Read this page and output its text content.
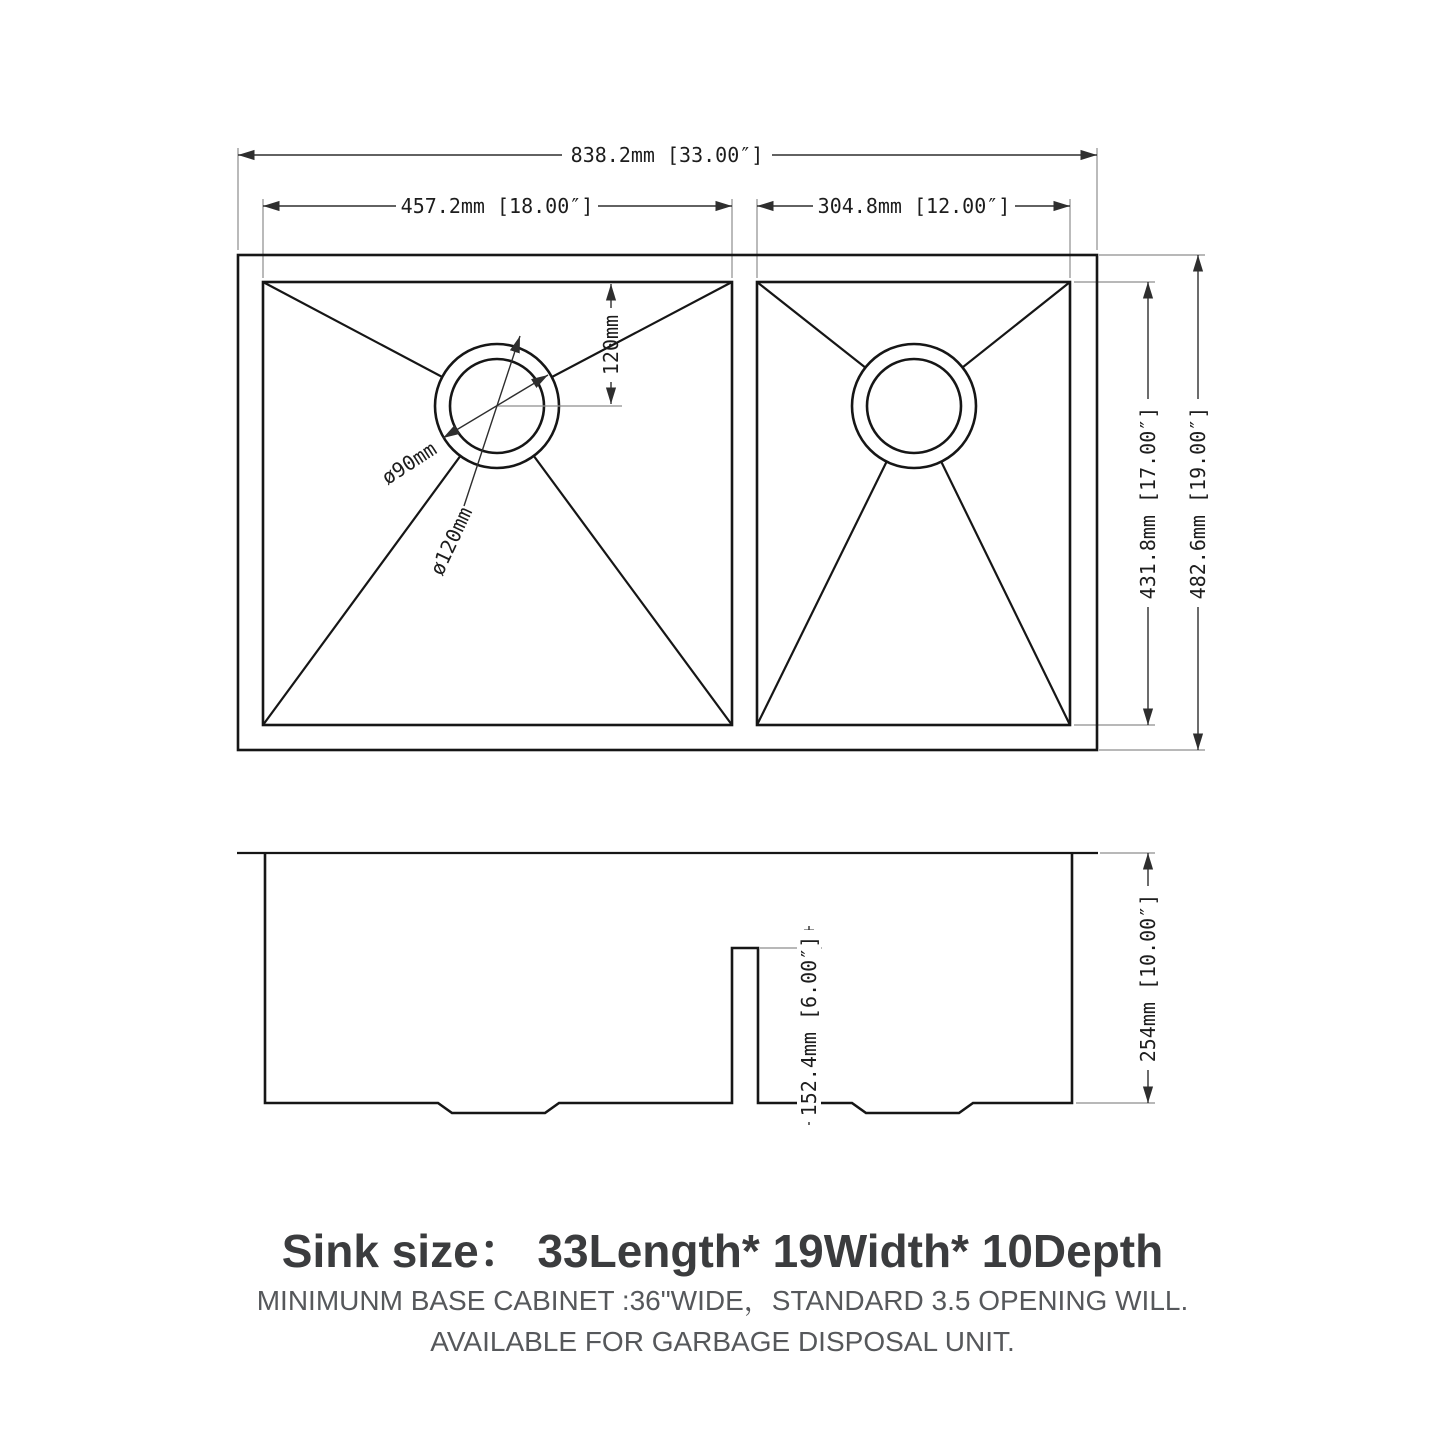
838.2mm [33.00″]
457.2mm [18.00″]	304.8mm [12.00″]
431.8mm [17.00″] 482.6mm [19.00″]
120mm
ø90mm
ø120mm
152.4mm [6.00″]	254mm [10.00″]
Sink size： 33Length* 19Width* 10Depth
MINIMUNM BASE CABINET :36"WIDE，STANDARD 3.5 OPENING WILL.
AVAILABLE FOR GARBAGE DISPOSAL UNIT.
